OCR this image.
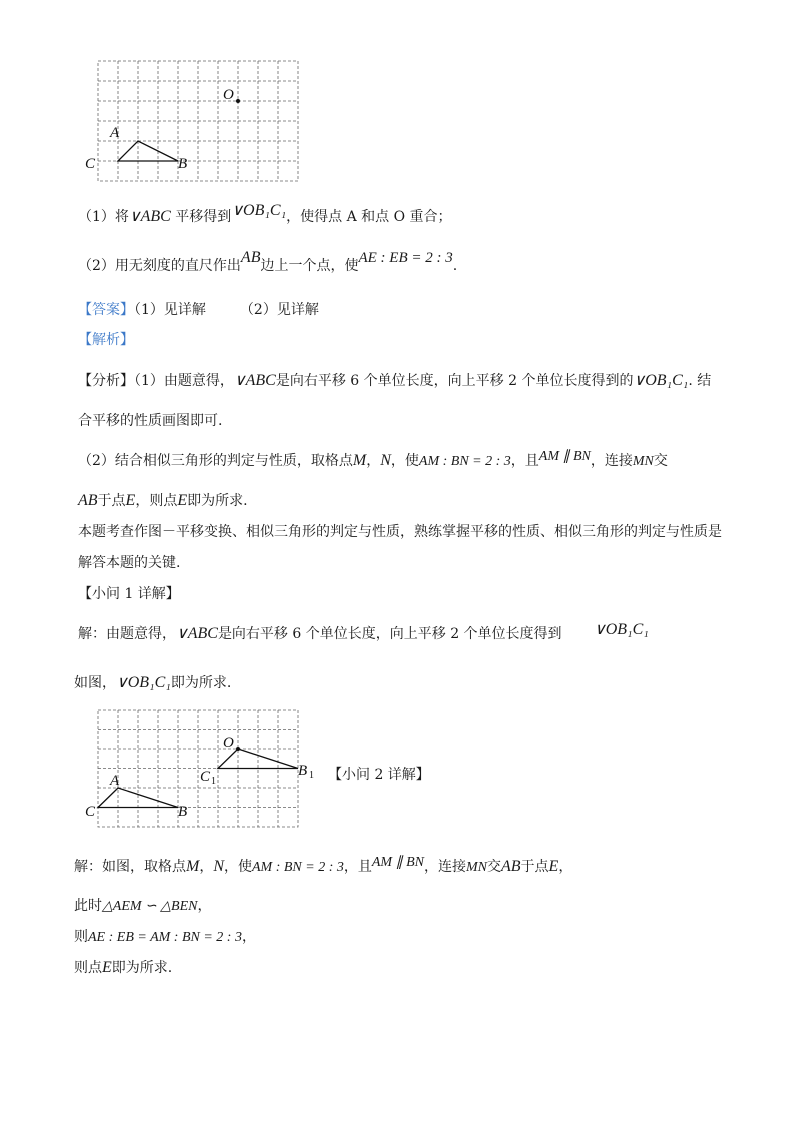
O
A
B
C
（1）将∨ABC 平移得到∨OB₁C₁，使得点 A 和点 O 重合；
（2）用无刻度的直尺作出AB边上一个点，使AE : EB = 2 : 3.
【答案】（1）见详解 （2）见详解
【解析】
【分析】（1）由题意得，∨ABC是向右平移 6 个单位长度，向上平移 2 个单位长度得到的∨OB₁C₁. 结
合平移的性质画图即可.
（2）结合相似三角形的判定与性质，取格点M，N，使AM : BN = 2 : 3，且AM ∥ BN，连接MN交
AB于点E，则点E即为所求.
本题考查作图－平移变换、相似三角形的判定与性质，熟练掌握平移的性质、相似三角形的判定与性质是
解答本题的关键.
【小问 1 详解】
解：由题意得，∨ABC是向右平移 6 个单位长度，向上平移 2 个单位长度得到 ∨OB₁C₁
如图，∨OB₁C₁即为所求.
O
A
B
C
C 1
B 1 【小问 2 详解】
解：如图，取格点M，N，使AM : BN = 2 : 3，且AM ∥ BN，连接MN交AB于点E，
此时△AEM ∽ △BEN，
则AE : EB = AM : BN = 2 : 3，
则点E即为所求.
